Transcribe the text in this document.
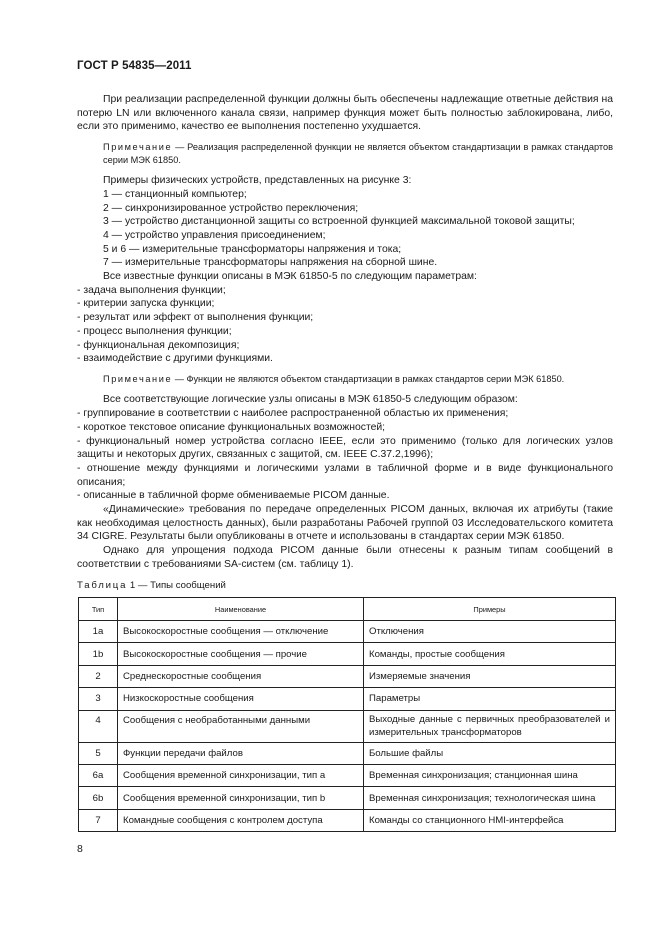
ГОСТ Р 54835—2011

При реализации распределенной функции должны быть обеспечены надлежащие ответные действия на потерю LN или включенного канала связи, например функция может быть полностью заблокирована, либо, если это применимо, качество ее выполнения постепенно ухудшается.

Примечание — Реализация распределенной функции не является объектом стандартизации в рамках стандартов серии МЭК 61850.

Примеры физических устройств, представленных на рисунке 3:

1 — станционный компьютер;

2 — синхронизированное устройство переключения;

3 — устройство дистанционной защиты со встроенной функцией максимальной токовой защиты;

4 — устройство управления присоединением;

5 и 6 — измерительные трансформаторы напряжения и тока;

7 — измерительные трансформаторы напряжения на сборной шине.

Все известные функции описаны в МЭК 61850-5 по следующим параметрам:

- задача выполнения функции;

- критерии запуска функции;

- результат или эффект от выполнения функции;

- процесс выполнения функции;

- функциональная декомпозиция;

- взаимодействие с другими функциями.

Примечание — Функции не являются объектом стандартизации в рамках стандартов серии МЭК 61850.

Все соответствующие логические узлы описаны в МЭК 61850-5 следующим образом:

- группирование в соответствии с наиболее распространенной областью их применения;

- короткое текстовое описание функциональных возможностей;

- функциональный номер устройства согласно IEEE, если это применимо (только для логических узлов защиты и некоторых других, связанных с защитой, см. IEEE C.37.2,1996);

- отношение между функциями и логическими узлами в табличной форме и в виде функционального описания;

- описанные в табличной форме обмениваемые PICOM данные.

«Динамические» требования по передаче определенных PICOM данных, включая их атрибуты (такие как необходимая целостность данных), были разработаны Рабочей группой 03 Исследовательского комитета 34 CIGRE. Результаты были опубликованы в отчете и использованы в стандартах серии МЭК 61850.

Однако для упрощения подхода PICOM данные были отнесены к разным типам сообщений в соответствии с требованиями SA-систем (см. таблицу 1).

Таблица 1 — Типы сообщений
Тип	Наименование	Примеры
1a	Высокоскоростные сообщения — отключение	Отключения
1b	Высокоскоростные сообщения — прочие	Команды, простые сообщения
2	Среднескоростные сообщения	Измеряемые значения
3	Низкоскоростные сообщения	Параметры
4	Сообщения с необработанными данными	Выходные данные с первичных преобразователей и измерительных трансформаторов
5	Функции передачи файлов	Большие файлы
6a	Сообщения временной синхронизации, тип a	Временная синхронизация; станционная шина
6b	Сообщения временной синхронизации, тип b	Временная синхронизация; технологическая шина
7	Командные сообщения с контролем доступа	Команды со станционного HMI-интерфейса
8
